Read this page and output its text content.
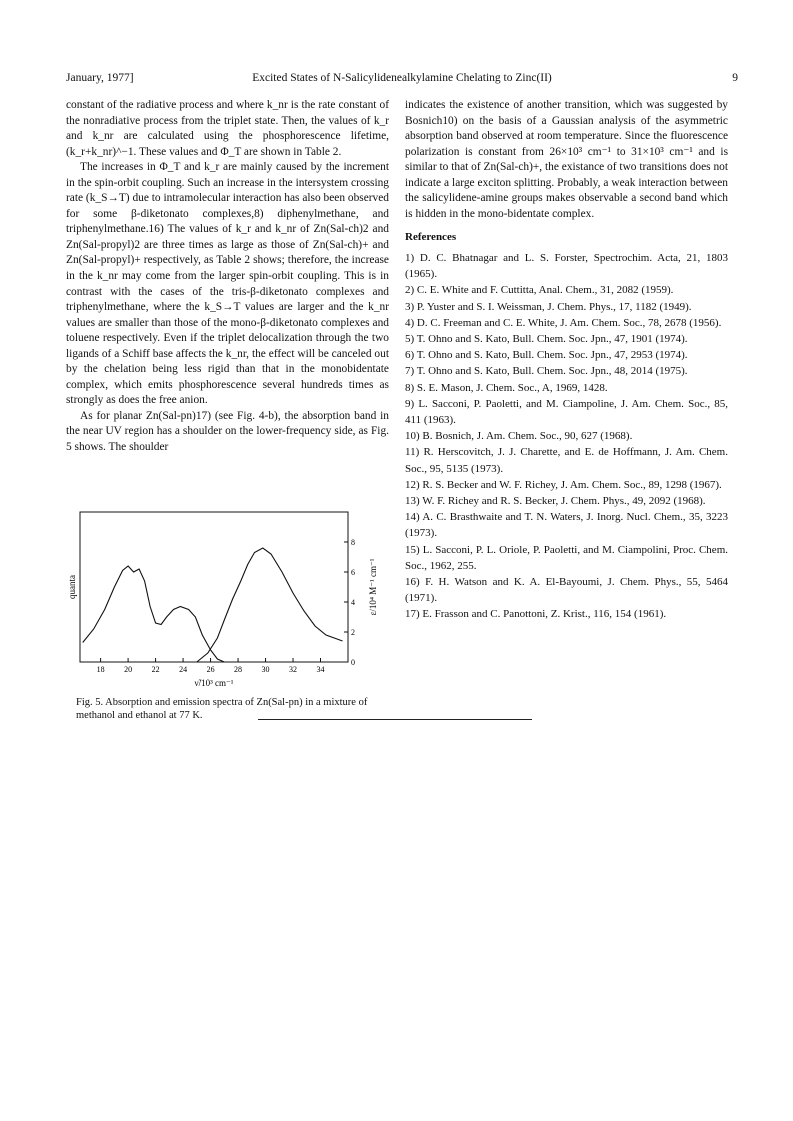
January, 1977]	Excited States of N-Salicylidenealkylamine Chelating to Zinc(II)	9

constant of the radiative process and where k_nr is the rate constant of the nonradiative process from the triplet state. Then, the values of k_r and k_nr are calculated using the phosphorescence lifetime, (k_r+k_nr)^−1. These values and Φ_T are shown in Table 2.

The increases in Φ_T and k_r are mainly caused by the increment in the spin-orbit coupling. Such an increase in the intersystem crossing rate (k_S→T) due to intramolecular interaction has also been observed for some β-diketonato complexes,8) diphenylmethane, and triphenylmethane.16) The values of k_r and k_nr of Zn(Sal-ch)2 and Zn(Sal-propyl)2 are three times as large as those of Zn(Sal-ch)+ and Zn(Sal-propyl)+ respectively, as Table 2 shows; therefore, the increase in the k_nr may come from the larger spin-orbit coupling. This is in contrast with the cases of the tris-β-diketonato complexes and triphenylmethane, where the k_S→T values are larger and the k_nr values are smaller than those of the mono-β-diketonato complexes and toluene respectively. Even if the triplet delocalization through the two ligands of a Schiff base affects the k_nr, the effect will be canceled out by the chelation being less rigid than that in the monobidentate complex, which emits phosphorescence several hundreds times as strongly as does the free anion.

As for planar Zn(Sal-pn)17) (see Fig. 4-b), the absorption band in the near UV region has a shoulder on the lower-frequency side, as Fig. 5 shows. The shoulder

18 20 22 24 26 28 30 32 34
0
2
4
6
8
ν̃/10³ cm⁻¹
quanta	ε/10⁴ M⁻¹ cm⁻¹
Fig. 5. Absorption and emission spectra of Zn(Sal-pn) in a mixture of methanol and ethanol at 77 K.

indicates the existence of another transition, which was suggested by Bosnich10) on the basis of a Gaussian analysis of the asymmetric absorption band observed at room temperature. Since the fluorescence polarization is constant from 26×10³ cm⁻¹ to 31×10³ cm⁻¹ and is similar to that of Zn(Sal-ch)+, the existance of two transitions does not indicate a large exciton splitting. Probably, a weak interaction between the salicylidene-amine groups makes observable a second band which is hidden in the mono-bidentate complex.

References

1) D. C. Bhatnagar and L. S. Forster, Spectrochim. Acta, 21, 1803 (1965).

2) C. E. White and F. Cuttitta, Anal. Chem., 31, 2082 (1959).

3) P. Yuster and S. I. Weissman, J. Chem. Phys., 17, 1182 (1949).

4) D. C. Freeman and C. E. White, J. Am. Chem. Soc., 78, 2678 (1956).

5) T. Ohno and S. Kato, Bull. Chem. Soc. Jpn., 47, 1901 (1974).

6) T. Ohno and S. Kato, Bull. Chem. Soc. Jpn., 47, 2953 (1974).

7) T. Ohno and S. Kato, Bull. Chem. Soc. Jpn., 48, 2014 (1975).

8) S. E. Mason, J. Chem. Soc., A, 1969, 1428.

9) L. Sacconi, P. Paoletti, and M. Ciampoline, J. Am. Chem. Soc., 85, 411 (1963).

10) B. Bosnich, J. Am. Chem. Soc., 90, 627 (1968).

11) R. Herscovitch, J. J. Charette, and E. de Hoffmann, J. Am. Chem. Soc., 95, 5135 (1973).

12) R. S. Becker and W. F. Richey, J. Am. Chem. Soc., 89, 1298 (1967).

13) W. F. Richey and R. S. Becker, J. Chem. Phys., 49, 2092 (1968).

14) A. C. Brasthwaite and T. N. Waters, J. Inorg. Nucl. Chem., 35, 3223 (1973).

15) L. Sacconi, P. L. Oriole, P. Paoletti, and M. Ciampolini, Proc. Chem. Soc., 1962, 255.

16) F. H. Watson and K. A. El-Bayoumi, J. Chem. Phys., 55, 5464 (1971).

17) E. Frasson and C. Panottoni, Z. Krist., 116, 154 (1961).
